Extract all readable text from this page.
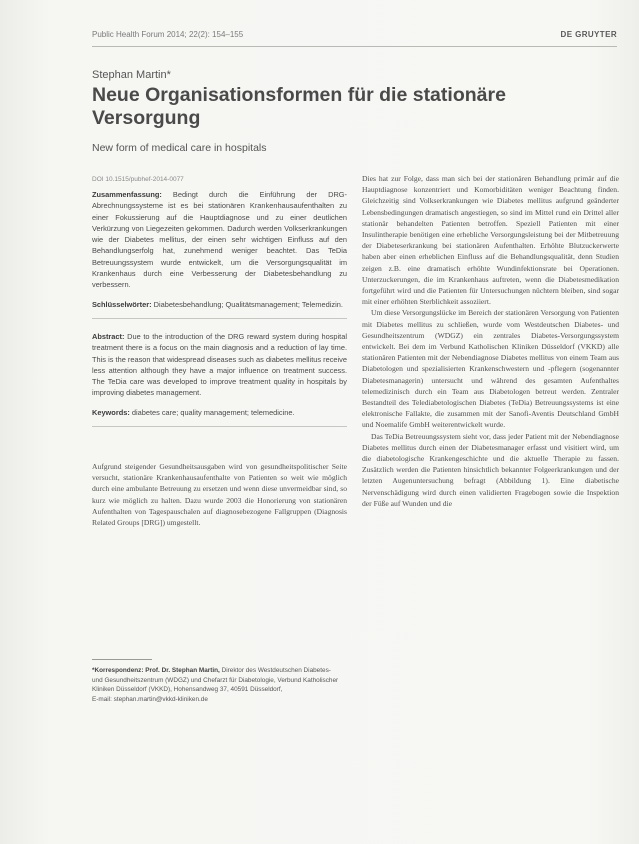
Public Health Forum 2014; 22(2): 154–155	DE GRUYTER
Stephan Martin*
Neue Organisationsformen für die stationäre Versorgung
New form of medical care in hospitals
DOI 10.1515/pubhef-2014-0077

Zusammenfassung: Bedingt durch die Einführung der DRG-Abrechnungssysteme ist es bei stationären Krankenhausaufenthalten zu einer Fokussierung auf die Hauptdiagnose und zu einer deutlichen Verkürzung von Liegezeiten gekommen. Dadurch werden Volkserkrankungen wie der Diabetes mellitus, der einen sehr wichtigen Einfluss auf den Behandlungserfolg hat, zunehmend weniger beachtet. Das TeDia Betreuungssystem wurde entwickelt, um die Versorgungsqualität im Krankenhaus durch eine Verbesserung der Diabetesbehandlung zu verbessern.

Schlüsselwörter: Diabetesbehandlung; Qualitätsmanagement; Telemedizin.

Abstract: Due to the introduction of the DRG reward system during hospital treatment there is a focus on the main diagnosis and a reduction of lay time. This is the reason that widespread diseases such as diabetes mellitus receive less attention although they have a major influence on treatment success. The TeDia care was developed to improve treatment quality in hospitals by improving diabetes management.

Keywords: diabetes care; quality management; telemedicine.

Aufgrund steigender Gesundheitsausgaben wird von gesundheitspolitischer Seite versucht, stationäre Krankenhausaufenthalte von Patienten so weit wie möglich durch eine ambulante Betreuung zu ersetzen und wenn diese unvermeidbar sind, so kurz wie möglich zu halten. Dazu wurde 2003 die Honorierung von stationären Aufenthalten von Tagespauschalen auf diagnosebezogene Fallgruppen (Diagnosis Related Groups [DRG]) umgestellt.

*Korrespondenz: Prof. Dr. Stephan Martin, Direktor des Westdeutschen Diabetes- und Gesundheitszentrum (WDGZ) und Chefarzt für Diabetologie, Verbund Katholischer Kliniken Düsseldorf (VKKD), Hohensandweg 37, 40591 Düsseldorf,
E-mail: stephan.martin@vkkd-kliniken.de

Dies hat zur Folge, dass man sich bei der stationären Behandlung primär auf die Hauptdiagnose konzentriert und Komorbiditäten weniger Beachtung finden. Gleichzeitig sind Volkserkrankungen wie Diabetes mellitus aufgrund geänderter Lebensbedingungen dramatisch angestiegen, so sind im Mittel rund ein Drittel aller stationär behandelten Patienten betroffen. Speziell Patienten mit einer Insulintherapie benötigen eine erhebliche Versorgungsleistung bei der Mitbetreuung der Diabeteserkrankung bei stationären Aufenthalten. Erhöhte Blutzuckerwerte haben aber einen erheblichen Einfluss auf die Behandlungsqualität, denn Studien zeigen z.B. eine dramatisch erhöhte Wundinfektionsrate bei Operationen. Unterzuckerungen, die im Krankenhaus auftreten, wenn die Diabetesmedikation fortgeführt wird und die Patienten für Untersuchungen nüchtern bleiben, sind sogar mit einer erhöhten Sterblichkeit assoziiert.

Um diese Versorgungslücke im Bereich der stationären Versorgung von Patienten mit Diabetes mellitus zu schließen, wurde vom Westdeutschen Diabetes- und Gesundheitszentrum (WDGZ) ein zentrales Diabetes-Versorgungssystem entwickelt. Bei dem im Verbund Katholischen Kliniken Düsseldorf (VKKD) alle stationären Patienten mit der Nebendiagnose Diabetes mellitus von einem Team aus Diabetologen und spezialisierten Krankenschwestern und -pflegern (sogenannter Diabetesmanagerin) untersucht und während des gesamten Aufenthaltes telemedizinisch durch ein Team aus Diabetologen betreut werden. Zentraler Bestandteil des Telediabetologischen Diabetes (TeDia) Betreuungssystems ist eine elektronische Fallakte, die zusammen mit der Sanofi-Aventis Deutschland GmbH und Noemalife GmbH weiterentwickelt wurde.

Das TeDia Betreuungssystem sieht vor, dass jeder Patient mit der Nebendiagnose Diabetes mellitus durch einen der Diabetesmanager erfasst und visitiert wird, um die diabetologische Krankengeschichte und die aktuelle Therapie zu fassen. Zusätzlich werden die Patienten hinsichtlich bekannter Folgeerkrankungen und der letzten Augenuntersuchung befragt (Abbildung 1). Eine diabetische Nervenschädigung wird durch einen validierten Fragebogen sowie die Inspektion der Füße auf Wunden und die
